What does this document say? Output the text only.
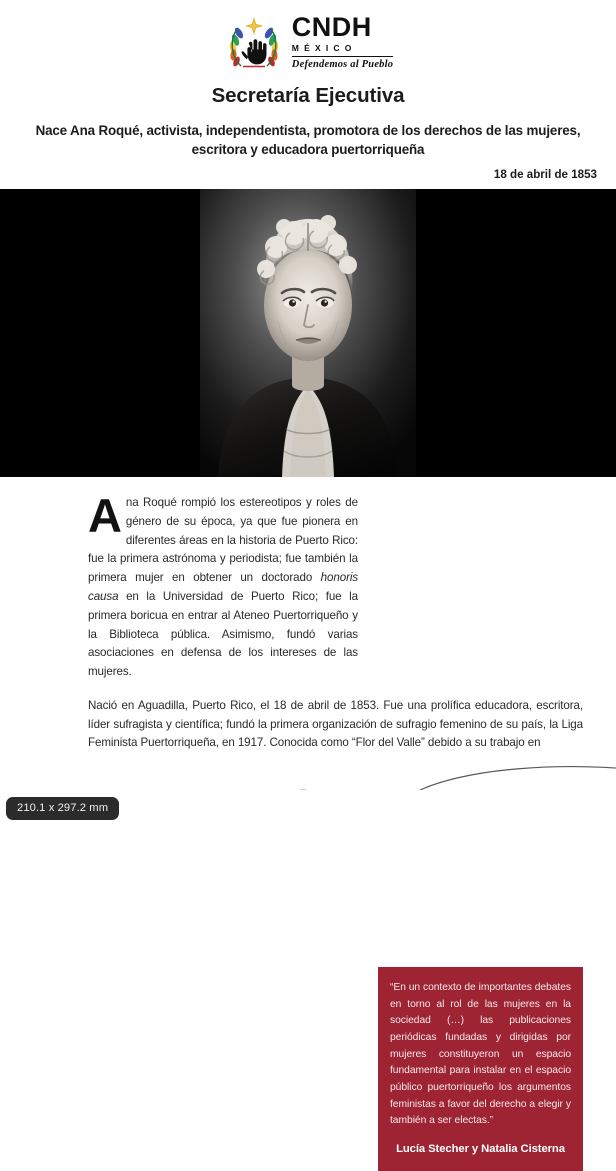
CNDH
MÉXICO
Defendemos al Pueblo
Secretaría Ejecutiva
Nace Ana Roqué, activista, independentista, promotora de los derechos de las mujeres, escritora y educadora puertorriqueña
18 de abril de 1853

Ana Roqué rompió los estereotipos y roles de género de su época, ya que fue pionera en diferentes áreas en la historia de Puerto Rico: fue la primera astrónoma y periodista; fue también la primera mujer en obtener un doctorado honoris causa en la Universidad de Puerto Rico; fue la primera boricua en entrar al Ateneo Puertorriqueño y la Biblioteca pública. Asimismo, fundó varias asociaciones en defensa de los intereses de las mujeres.

Nació en Aguadilla, Puerto Rico, el 18 de abril de 1853. Fue una prolífica educadora, escritora, líder sufragista y científica; fundó la primera organización de sufragio femenino de su país, la Liga Feminista Puertorriqueña, en 1917. Conocida como “Flor del Valle” debido a su trabajo en

“En un contexto de importantes debates en torno al rol de las mujeres en la sociedad (…) las publicaciones periódicas fundadas y dirigidas por mujeres constituyeron un espacio fundamental para instalar en el espacio público puertorriqueño los argumentos feministas a favor del derecho a elegir y también a ser electas.”

Lucía Stecher y Natalia Cisterna

210.1 x 297.2 mm
